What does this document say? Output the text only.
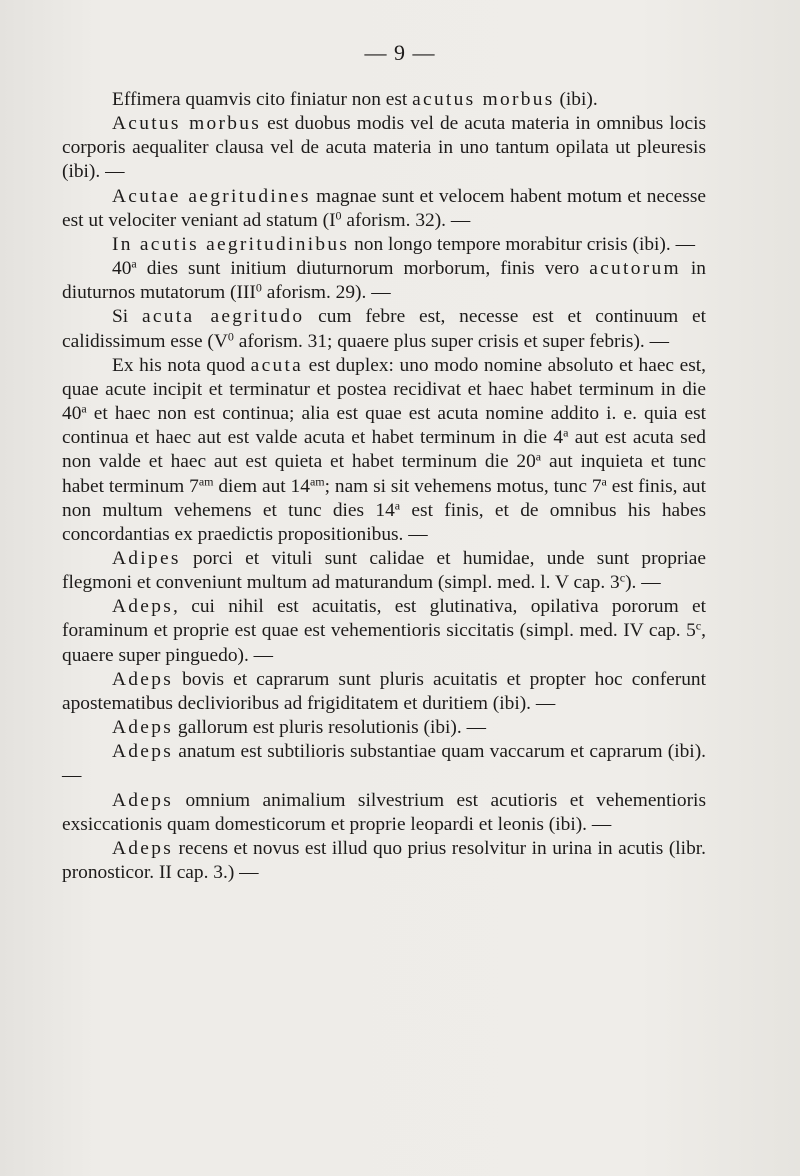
— 9 —

Effimera quamvis cito finiatur non est acutus morbus (ibi).

Acutus morbus est duobus modis vel de acuta materia in omnibus locis corporis aequaliter clausa vel de acuta materia in uno tantum opilata ut pleuresis (ibi). —

Acutae aegritudines magnae sunt et velocem habent motum et necesse est ut velociter veniant ad statum ($I^0$ aforism. 32). —

In acutis aegritudinibus non longo tempore morabitur crisis (ibi). —

40$^a$ dies sunt initium diuturnorum morborum, finis vero acutorum in diuturnos mutatorum (III$^0$ aforism. 29). —

Si acuta aegritudo cum febre est, necesse est et continuum et calidissimum esse ($V^0$ aforism. 31; quaere plus super crisis et super febris). —

Ex his nota quod acuta est duplex: uno modo nomine absoluto et haec est, quae acute incipit et terminatur et postea recidivat et haec habet terminum in die 40$^a$ et haec non est continua; alia est quae est acuta nomine addito i. e. quia est continua et haec aut est valde acuta et habet terminum in die 4$^a$ aut est acuta sed non valde et haec aut est quieta et habet terminum die 20$^a$ aut inquieta et tunc habet terminum $7^{am}$ diem aut $14^{am}$; nam si sit vehemens motus, tunc 7$^a$ est finis, aut non multum vehemens et tunc dies 14$^a$ est finis, et de omnibus his habes concordantias ex praedictis propositionibus. —

Adipes porci et vituli sunt calidae et humidae, unde sunt propriae flegmoni et conveniunt multum ad maturandum (simpl. med. l. V cap. 3$^c$). —

Adeps, cui nihil est acuitatis, est glutinativa, opilativa pororum et foraminum et proprie est quae est vehementioris siccitatis (simpl. med. IV cap. 5$^c$, quaere super pinguedo). —

Adeps bovis et caprarum sunt pluris acuitatis et propter hoc conferunt apostematibus declivioribus ad frigiditatem et duritiem (ibi). —

Adeps gallorum est pluris resolutionis (ibi). —

Adeps anatum est subtilioris substantiae quam vaccarum et caprarum (ibi). —

Adeps omnium animalium silvestrium est acutioris et vehementioris exsiccationis quam domesticorum et proprie leopardi et leonis (ibi). —

Adeps recens et novus est illud quo prius resolvitur in urina in acutis (libr. pronosticor. II cap. 3.) —
